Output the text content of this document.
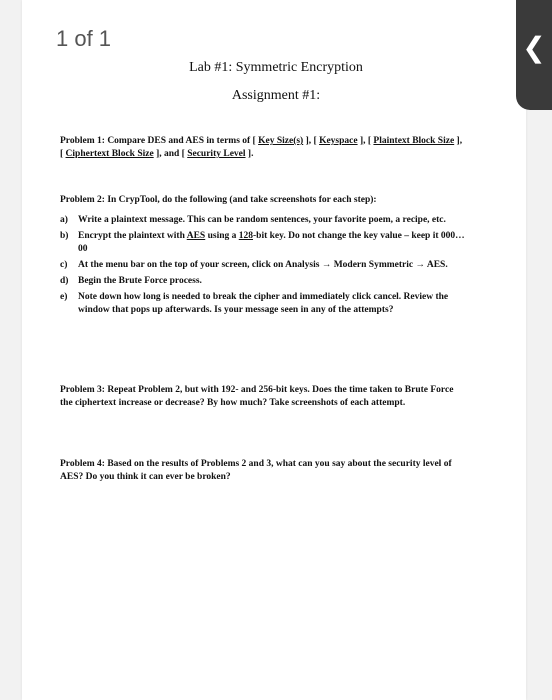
1 of 1	❮
Lab #1: Symmetric Encryption
Assignment #1:
Problem 1: Compare DES and AES in terms of [ Key Size(s) ], [ Keyspace ], [ Plaintext Block Size ], [ Ciphertext Block Size ], and [ Security Level ].
Problem 2: In CrypTool, do the following (and take screenshots for each step):
a) Write a plaintext message. This can be random sentences, your favorite poem, a recipe, etc.
b) Encrypt the plaintext with AES using a 128-bit key. Do not change the key value – keep it 000…00
c) At the menu bar on the top of your screen, click on Analysis → Modern Symmetric → AES.
d) Begin the Brute Force process.
e) Note down how long is needed to break the cipher and immediately click cancel. Review the window that pops up afterwards. Is your message seen in any of the attempts?
Problem 3: Repeat Problem 2, but with 192- and 256-bit keys. Does the time taken to Brute Force the ciphertext increase or decrease? By how much? Take screenshots of each attempt.
Problem 4: Based on the results of Problems 2 and 3, what can you say about the security level of AES? Do you think it can ever be broken?
